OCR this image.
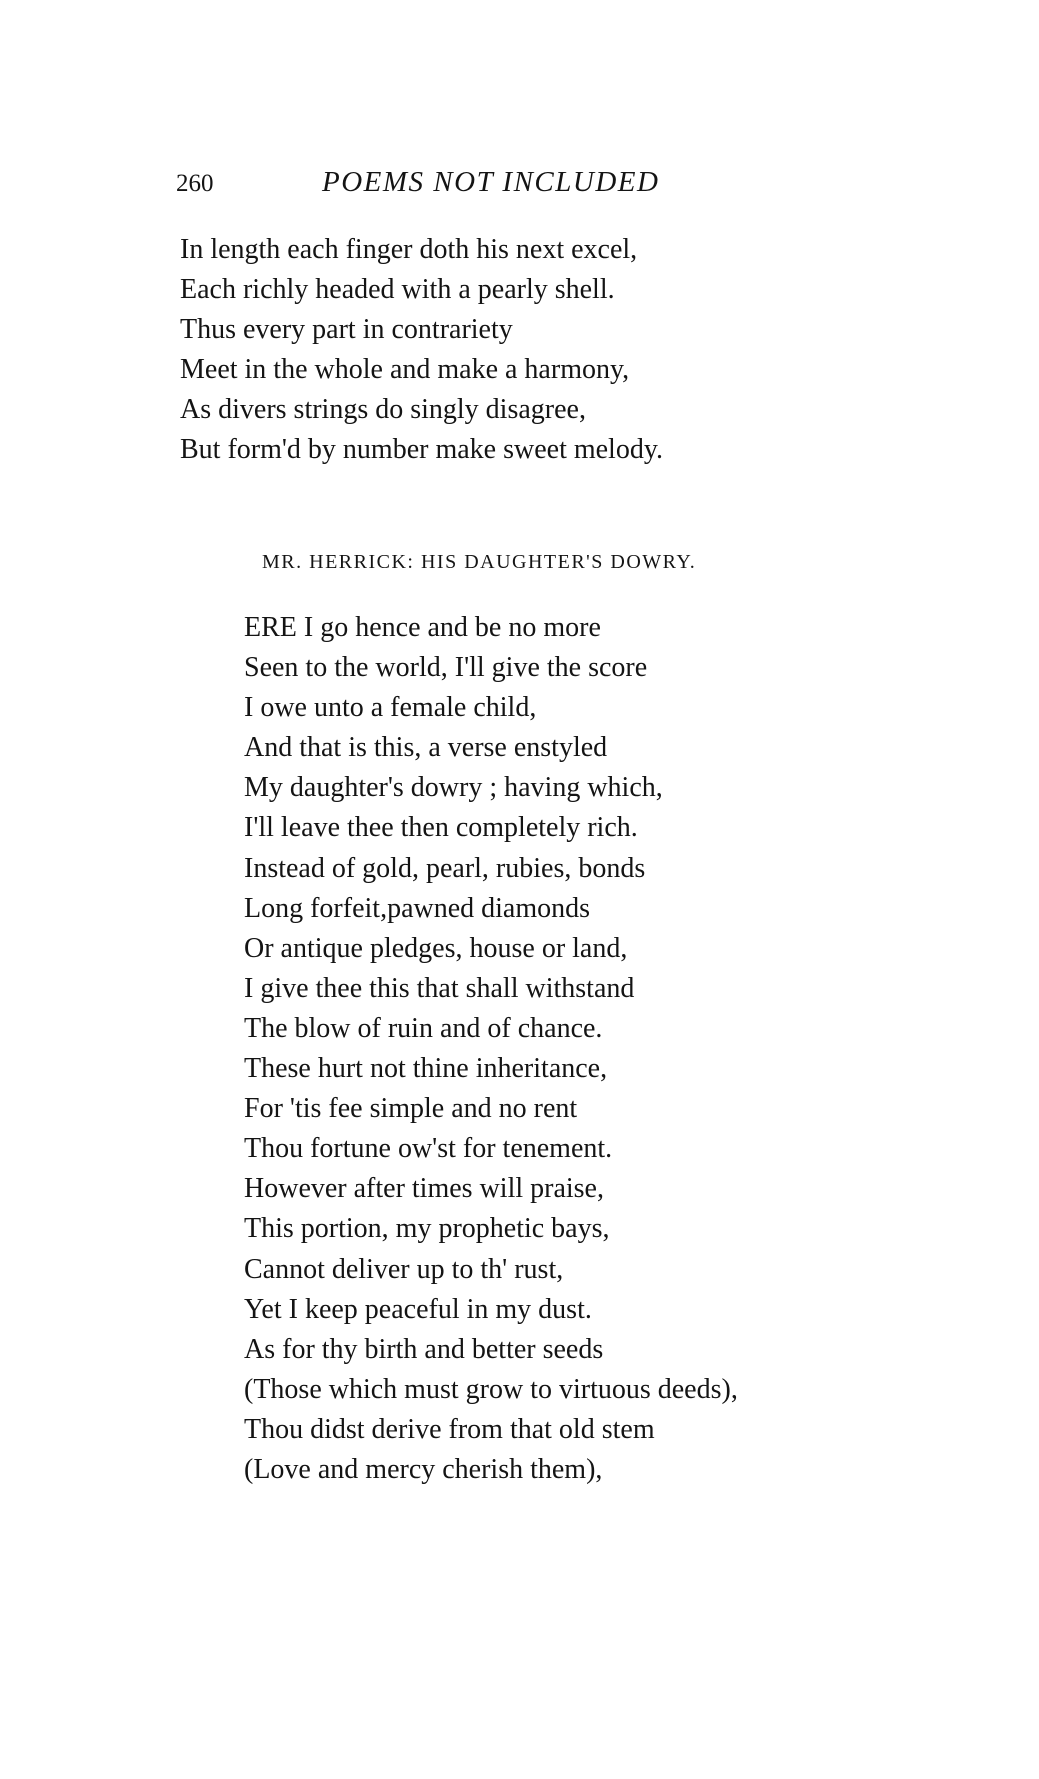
260	POEMS NOT INCLUDED
In length each finger doth his next excel,
Each richly headed with a pearly shell.
Thus every part in contrariety
Meet in the whole and make a harmony,
As divers strings do singly disagree,
But form'd by number make sweet melody.
MR. HERRICK: HIS DAUGHTER'S DOWRY.
ERE I go hence and be no more
Seen to the world, I'll give the score
I owe unto a female child,
And that is this, a verse enstyled
My daughter's dowry ; having which,
I'll leave thee then completely rich.
Instead of gold, pearl, rubies, bonds
Long forfeit,pawned diamonds
Or antique pledges, house or land,
I give thee this that shall withstand
The blow of ruin and of chance.
These hurt not thine inheritance,
For 'tis fee simple and no rent
Thou fortune ow'st for tenement.
However after times will praise,
This portion, my prophetic bays,
Cannot deliver up to th' rust,
Yet I keep peaceful in my dust.
As for thy birth and better seeds
(Those which must grow to virtuous deeds),
Thou didst derive from that old stem
(Love and mercy cherish them),
